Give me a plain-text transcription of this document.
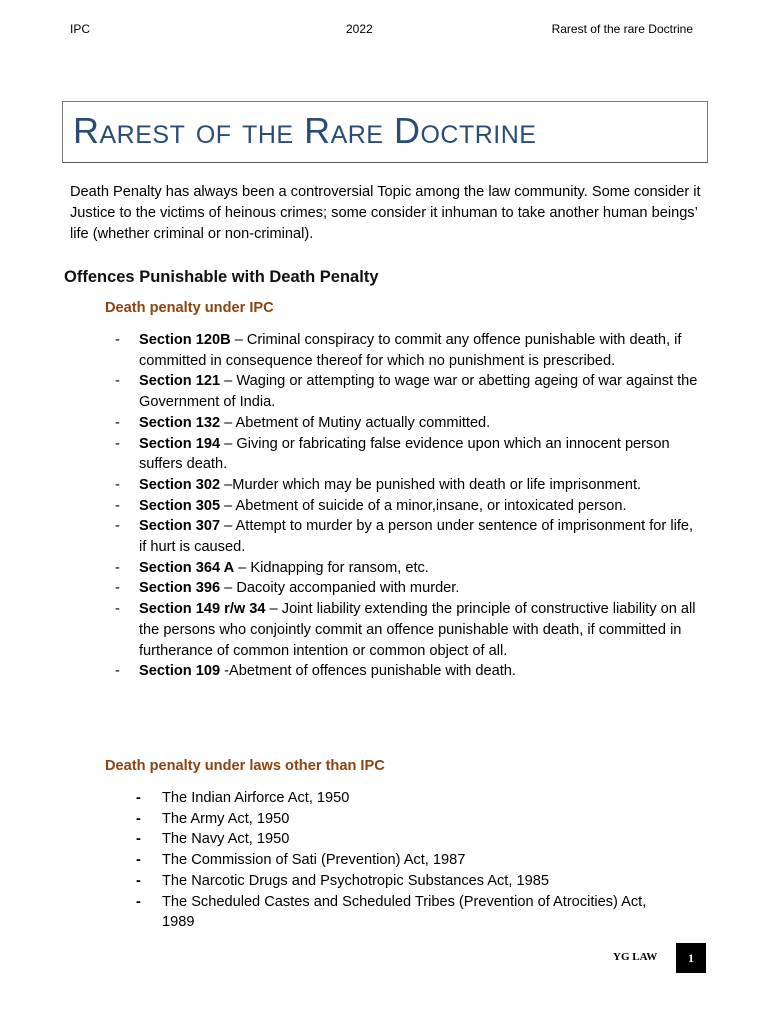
IPC	2022	Rarest of the rare Doctrine
Rarest of the Rare Doctrine

Death Penalty has always been a controversial Topic among the law community. Some consider it Justice to the victims of heinous crimes; some consider it inhuman to take another human beings’ life (whether criminal or non-criminal).

Offences Punishable with Death Penalty
Death penalty under IPC
- Section 120B – Criminal conspiracy to commit any offence punishable with death, if committed in consequence thereof for which no punishment is prescribed.
- Section 121 – Waging or attempting to wage war or abetting ageing of war against the Government of India.
- Section 132 – Abetment of Mutiny actually committed.
- Section 194 – Giving or fabricating false evidence upon which an innocent person suffers death.
- Section 302 –Murder which may be punished with death or life imprisonment.
- Section 305 – Abetment of suicide of a minor,insane, or intoxicated person.
- Section 307 – Attempt to murder by a person under sentence of imprisonment for life, if hurt is caused.
- Section 364 A – Kidnapping for ransom, etc.
- Section 396 – Dacoity accompanied with murder.
- Section 149 r/w 34 – Joint liability extending the principle of constructive liability on all the persons who conjointly commit an offence punishable with death, if committed in furtherance of common intention or common object of all.
- Section 109 -Abetment of offences punishable with death.
Death penalty under laws other than IPC
- The Indian Airforce Act, 1950
- The Army Act, 1950
- The Navy Act, 1950
- The Commission of Sati (Prevention) Act, 1987
- The Narcotic Drugs and Psychotropic Substances Act, 1985
- The Scheduled Castes and Scheduled Tribes (Prevention of Atrocities) Act, 1989
YG LAW	1
